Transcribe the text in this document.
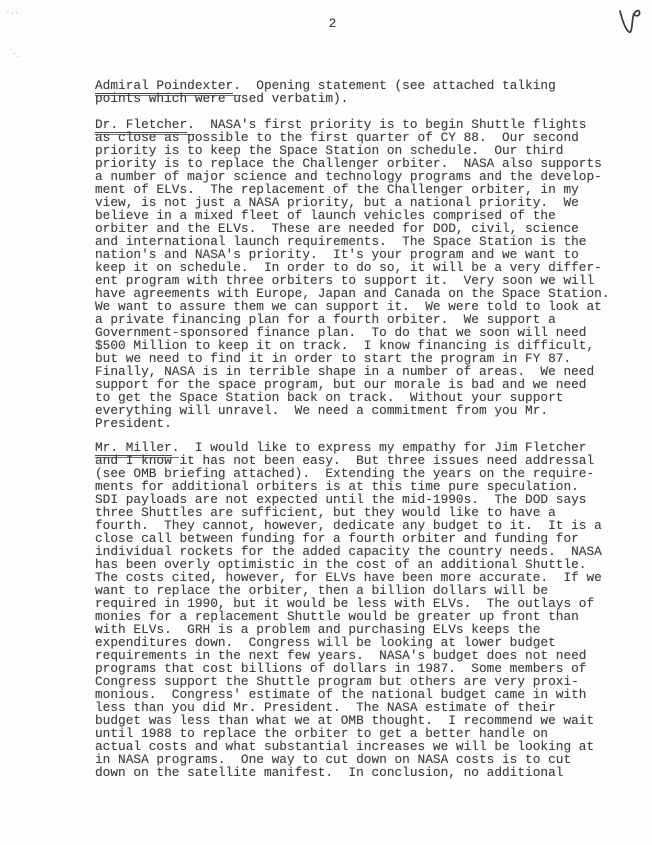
-..
`-.
2
Admiral Poindexter.  Opening statement (see attached talking
points which were used verbatim).
Dr. Fletcher.  NASA's first priority is to begin Shuttle flights
as close as possible to the first quarter of CY 88.  Our second
priority is to keep the Space Station on schedule.  Our third
priority is to replace the Challenger orbiter.  NASA also supports
a number of major science and technology programs and the develop-
ment of ELVs.  The replacement of the Challenger orbiter, in my
view, is not just a NASA priority, but a national priority.  We
believe in a mixed fleet of launch vehicles comprised of the
orbiter and the ELVs.  These are needed for DOD, civil, science
and international launch requirements.  The Space Station is the
nation's and NASA's priority.  It's your program and we want to
keep it on schedule.  In order to do so, it will be a very differ-
ent program with three orbiters to support it.  Very soon we will
have agreements with Europe, Japan and Canada on the Space Station.
We want to assure them we can support it.  We were told to look at
a private financing plan for a fourth orbiter.  We support a
Government-sponsored finance plan.  To do that we soon will need
$500 Million to keep it on track.  I know financing is difficult,
but we need to find it in order to start the program in FY 87.
Finally, NASA is in terrible shape in a number of areas.  We need
support for the space program, but our morale is bad and we need
to get the Space Station back on track.  Without your support
everything will unravel.  We need a commitment from you Mr.
President.
Mr. Miller.  I would like to express my empathy for Jim Fletcher
and I know it has not been easy.  But three issues need addressal
(see OMB briefing attached).  Extending the years on the require-
ments for additional orbiters is at this time pure speculation.
SDI payloads are not expected until the mid-1990s.  The DOD says
three Shuttles are sufficient, but they would like to have a
fourth.  They cannot, however, dedicate any budget to it.  It is a
close call between funding for a fourth orbiter and funding for
individual rockets for the added capacity the country needs.  NASA
has been overly optimistic in the cost of an additional Shuttle.
The costs cited, however, for ELVs have been more accurate.  If we
want to replace the orbiter, then a billion dollars will be
required in 1990, but it would be less with ELVs.  The outlays of
monies for a replacement Shuttle would be greater up front than
with ELVs.  GRH is a problem and purchasing ELVs keeps the
expenditures down.  Congress will be looking at lower budget
requirements in the next few years.  NASA's budget does not need
programs that cost billions of dollars in 1987.  Some members of
Congress support the Shuttle program but others are very proxi-
monious.  Congress' estimate of the national budget came in with
less than you did Mr. President.  The NASA estimate of their
budget was less than what we at OMB thought.  I recommend we wait
until 1988 to replace the orbiter to get a better handle on
actual costs and what substantial increases we will be looking at
in NASA programs.  One way to cut down on NASA costs is to cut
down on the satellite manifest.  In conclusion, no additional
